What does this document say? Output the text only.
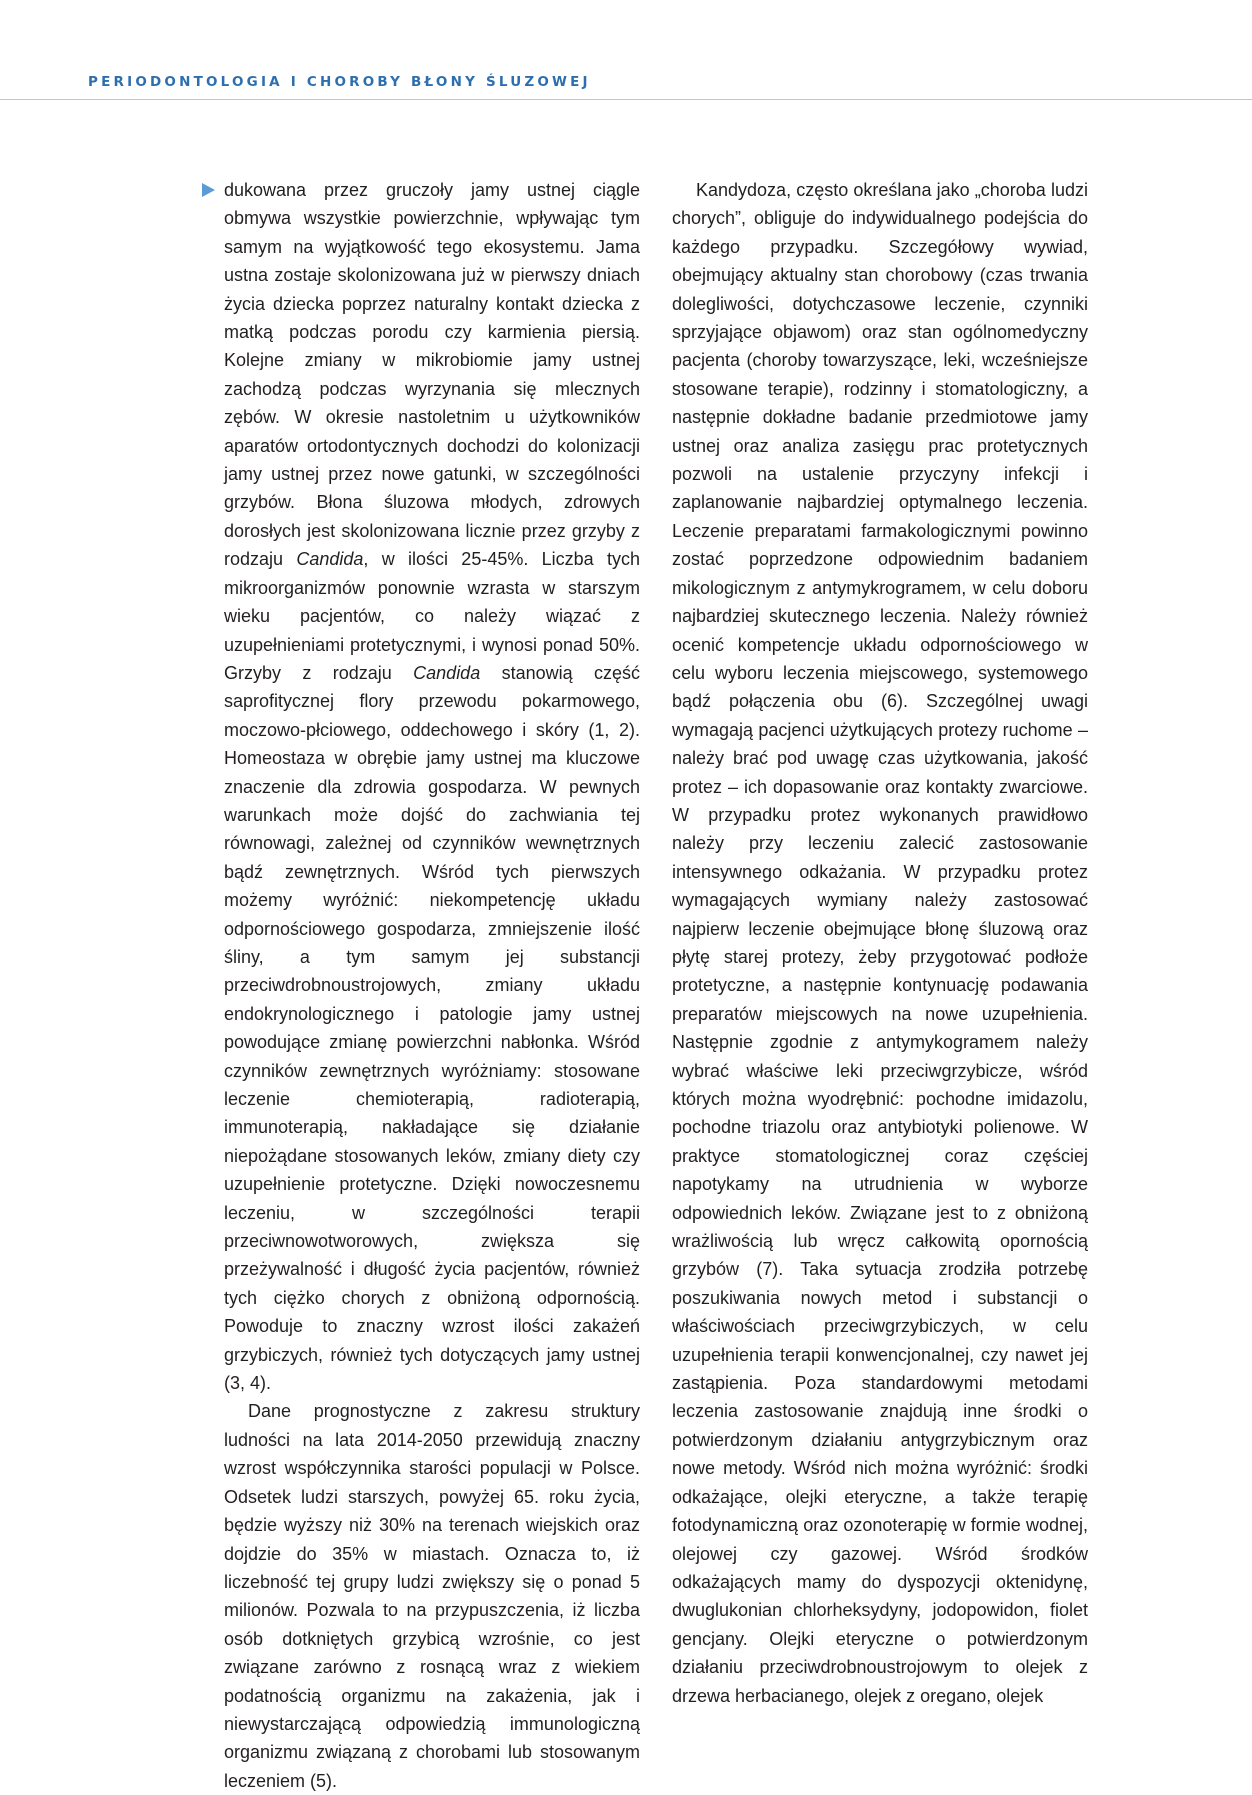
PERIODONTOLOGIA I CHOROBY BŁONY ŚLUZOWEJ

dukowana przez gruczoły jamy ustnej ciągle obmywa wszystkie powierzchnie, wpływając tym samym na wyjątkowość tego ekosystemu. Jama ustna zostaje skolonizowana już w pierwszy dniach życia dziecka poprzez naturalny kontakt dziecka z matką podczas porodu czy karmienia piersią. Kolejne zmiany w mikrobiomie jamy ustnej zachodzą podczas wyrzynania się mlecznych zębów. W okresie nastoletnim u użytkowników aparatów ortodontycznych dochodzi do kolonizacji jamy ustnej przez nowe gatunki, w szczególności grzybów. Błona śluzowa młodych, zdrowych dorosłych jest skolonizowana licznie przez grzyby z rodzaju Candida, w ilości 25-45%. Liczba tych mikroorganizmów ponownie wzrasta w starszym wieku pacjentów, co należy wiązać z uzupełnieniami protetycznymi, i wynosi ponad 50%. Grzyby z rodzaju Candida stanowią część saprofitycznej flory przewodu pokarmowego, moczowo-płciowego, oddechowego i skóry (1, 2). Homeostaza w obrębie jamy ustnej ma kluczowe znaczenie dla zdrowia gospodarza. W pewnych warunkach może dojść do zachwiania tej równowagi, zależnej od czynników wewnętrznych bądź zewnętrznych. Wśród tych pierwszych możemy wyróżnić: niekompetencję układu odpornościowego gospodarza, zmniejszenie ilość śliny, a tym samym jej substancji przeciwdrobnoustrojowych, zmiany układu endokrynologicznego i patologie jamy ustnej powodujące zmianę powierzchni nabłonka. Wśród czynników zewnętrznych wyróżniamy: stosowane leczenie chemioterapią, radioterapią, immunoterapią, nakładające się działanie niepożądane stosowanych leków, zmiany diety czy uzupełnienie protetyczne. Dzięki nowoczesnemu leczeniu, w szczególności terapii przeciwnowotworowych, zwiększa się przeżywalność i długość życia pacjentów, również tych ciężko chorych z obniżoną odpornością. Powoduje to znaczny wzrost ilości zakażeń grzybiczych, również tych dotyczących jamy ustnej (3, 4).

Dane prognostyczne z zakresu struktury ludności na lata 2014-2050 przewidują znaczny wzrost współczynnika starości populacji w Polsce. Odsetek ludzi starszych, powyżej 65. roku życia, będzie wyższy niż 30% na terenach wiejskich oraz dojdzie do 35% w miastach. Oznacza to, iż liczebność tej grupy ludzi zwiększy się o ponad 5 milionów. Pozwala to na przypuszczenia, iż liczba osób dotkniętych grzybicą wzrośnie, co jest związane zarówno z rosnącą wraz z wiekiem podatnością organizmu na zakażenia, jak i niewystarczającą odpowiedzią immunologiczną organizmu związaną z chorobami lub stosowanym leczeniem (5).

Kandydoza, często określana jako „choroba ludzi chorych”, obliguje do indywidualnego podejścia do każdego przypadku. Szczegółowy wywiad, obejmujący aktualny stan chorobowy (czas trwania dolegliwości, dotychczasowe leczenie, czynniki sprzyjające objawom) oraz stan ogólnomedyczny pacjenta (choroby towarzyszące, leki, wcześniejsze stosowane terapie), rodzinny i stomatologiczny, a następnie dokładne badanie przedmiotowe jamy ustnej oraz analiza zasięgu prac protetycznych pozwoli na ustalenie przyczyny infekcji i zaplanowanie najbardziej optymalnego leczenia. Leczenie preparatami farmakologicznymi powinno zostać poprzedzone odpowiednim badaniem mikologicznym z antymykrogramem, w celu doboru najbardziej skutecznego leczenia. Należy również ocenić kompetencje układu odpornościowego w celu wyboru leczenia miejscowego, systemowego bądź połączenia obu (6). Szczególnej uwagi wymagają pacjenci użytkujących protezy ruchome – należy brać pod uwagę czas użytkowania, jakość protez – ich dopasowanie oraz kontakty zwarciowe. W przypadku protez wykonanych prawidłowo należy przy leczeniu zalecić zastosowanie intensywnego odkażania. W przypadku protez wymagających wymiany należy zastosować najpierw leczenie obejmujące błonę śluzową oraz płytę starej protezy, żeby przygotować podłoże protetyczne, a następnie kontynuację podawania preparatów miejscowych na nowe uzupełnienia. Następnie zgodnie z antymykogramem należy wybrać właściwe leki przeciwgrzybicze, wśród których można wyodrębnić: pochodne imidazolu, pochodne triazolu oraz antybiotyki polienowe. W praktyce stomatologicznej coraz częściej napotykamy na utrudnienia w wyborze odpowiednich leków. Związane jest to z obniżoną wrażliwością lub wręcz całkowitą opornością grzybów (7). Taka sytuacja zrodziła potrzebę poszukiwania nowych metod i substancji o właściwościach przeciwgrzybiczych, w celu uzupełnienia terapii konwencjonalnej, czy nawet jej zastąpienia. Poza standardowymi metodami leczenia zastosowanie znajdują inne środki o potwierdzonym działaniu antygrzybicznym oraz nowe metody. Wśród nich można wyróżnić: środki odkażające, olejki eteryczne, a także terapię fotodynamiczną oraz ozonoterapię w formie wodnej, olejowej czy gazowej. Wśród środków odkażających mamy do dyspozycji oktenidynę, dwuglukonian chlorheksydyny, jodopowidon, fiolet gencjany. Olejki eteryczne o potwierdzonym działaniu przeciwdrobnoustrojowym to olejek z drzewa herbacianego, olejek z oregano, olejek
